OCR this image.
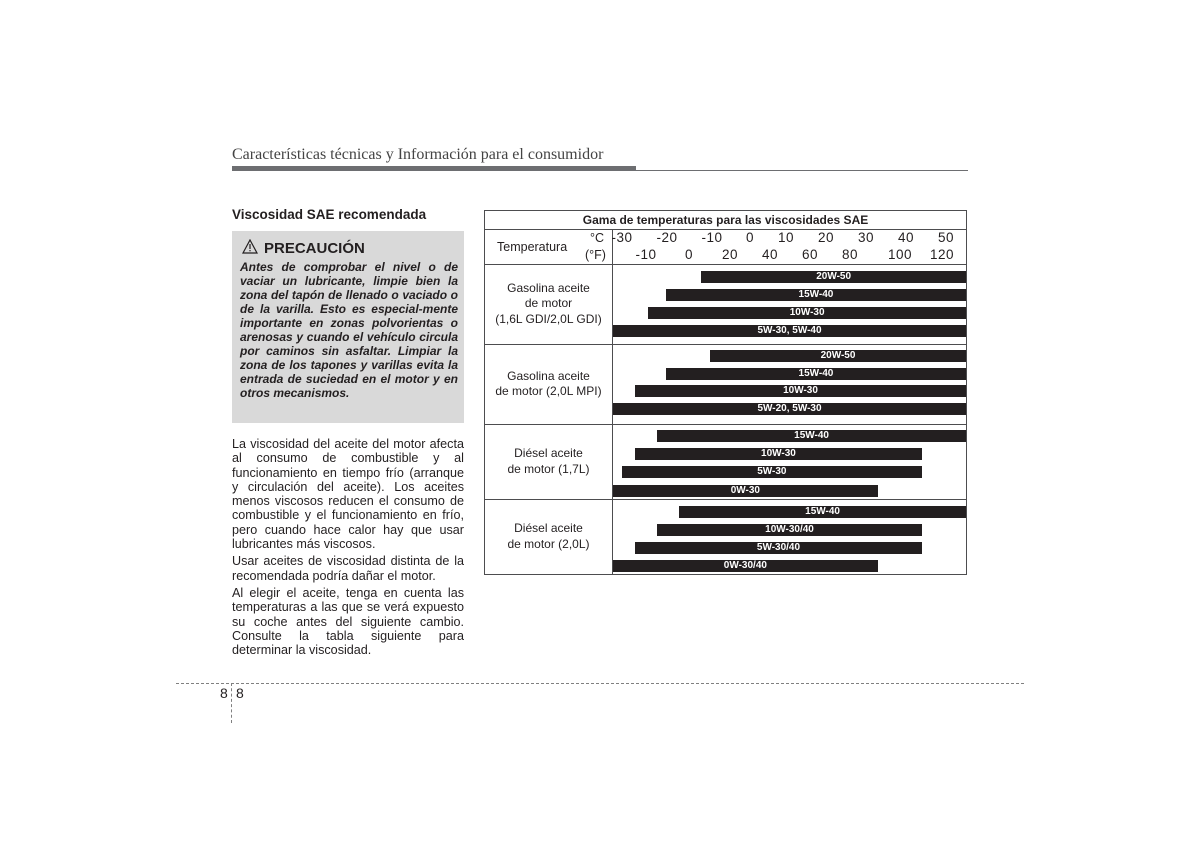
Características técnicas y Información para el consumidor
Viscosidad SAE recomendada
PRECAUCIÓN
Antes de comprobar el nivel o de vaciar un lubricante, limpie bien la zona del tapón de llenado o vaciado o de la varilla. Esto es especial-mente importante en zonas polvorientas o arenosas y cuando el vehículo circula por caminos sin asfaltar. Limpiar la zona de los tapones y varillas evita la entrada de suciedad en el motor y en otros mecanismos.

La viscosidad del aceite del motor afecta al consumo de combustible y al funcionamiento en tiempo frío (arranque y circulación del aceite). Los aceites menos viscosos reducen el consumo de combustible y el funcionamiento en frío, pero cuando hace calor hay que usar lubricantes más viscosos.

Usar aceites de viscosidad distinta de la recomendada podría dañar el motor.

Al elegir el aceite, tenga en cuenta las temperaturas a las que se verá expuesto su coche antes del siguiente cambio. Consulte la tabla siguiente para determinar la viscosidad.

Gama de temperaturas para las viscosidades SAE
Temperatura
°C
(°F)
-30 -20 -10 0 10 20 30 40 50
-10 0 20 40 60 80 100 120
Gasolina aceite
de motor
(1,6L GDI/2,0L GDI)
20W-50
15W-40
10W-30
5W-30, 5W-40
Gasolina aceite
de motor (2,0L MPI)
20W-50
15W-40
10W-30
5W-20, 5W-30
Diésel aceite
de motor (1,7L)
15W-40
10W-30
5W-30
0W-30
Diésel aceite
de motor (2,0L)
15W-40
10W-30/40
5W-30/40
0W-30/40
8 8
